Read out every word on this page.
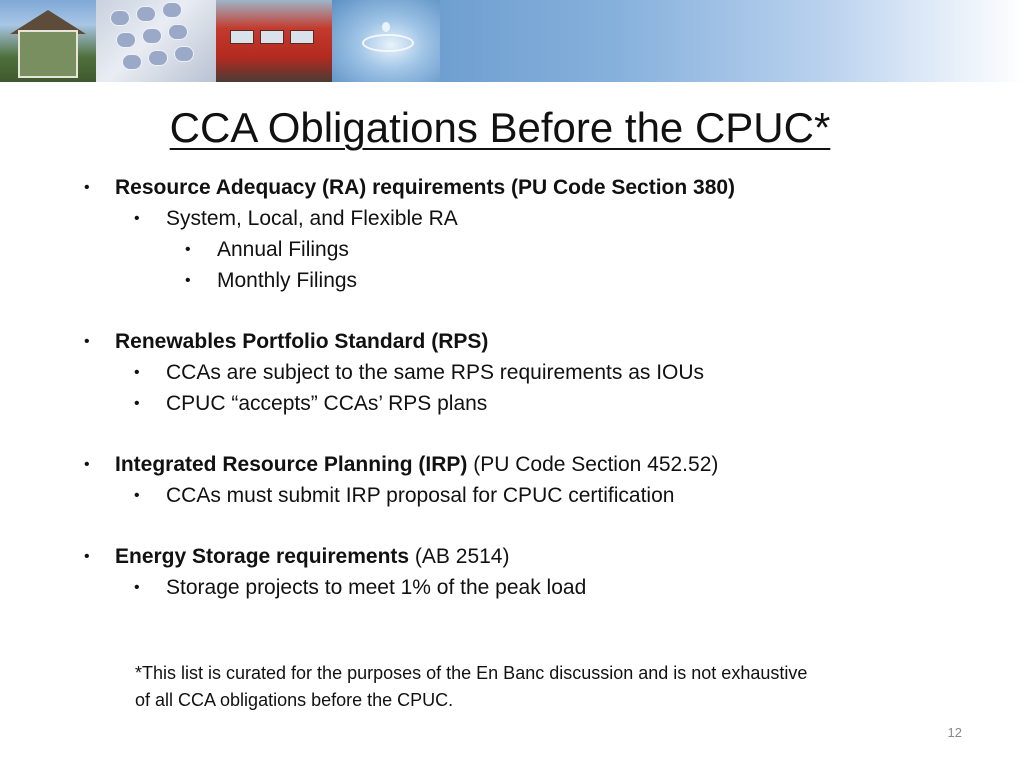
CCA Obligations Before the CPUC*
• Resource Adequacy (RA) requirements (PU Code Section 380)
• System, Local, and Flexible RA
• Annual Filings
• Monthly Filings
• Renewables Portfolio Standard (RPS)
• CCAs are subject to the same RPS requirements as IOUs
• CPUC “accepts” CCAs’ RPS plans
• Integrated Resource Planning (IRP) (PU Code Section 452.52)
• CCAs must submit IRP proposal for CPUC certification
• Energy Storage requirements (AB 2514)
• Storage projects to meet 1% of the peak load
*This list is curated for the purposes of the En Banc discussion and is not exhaustive
of all CCA obligations before the CPUC.
12
